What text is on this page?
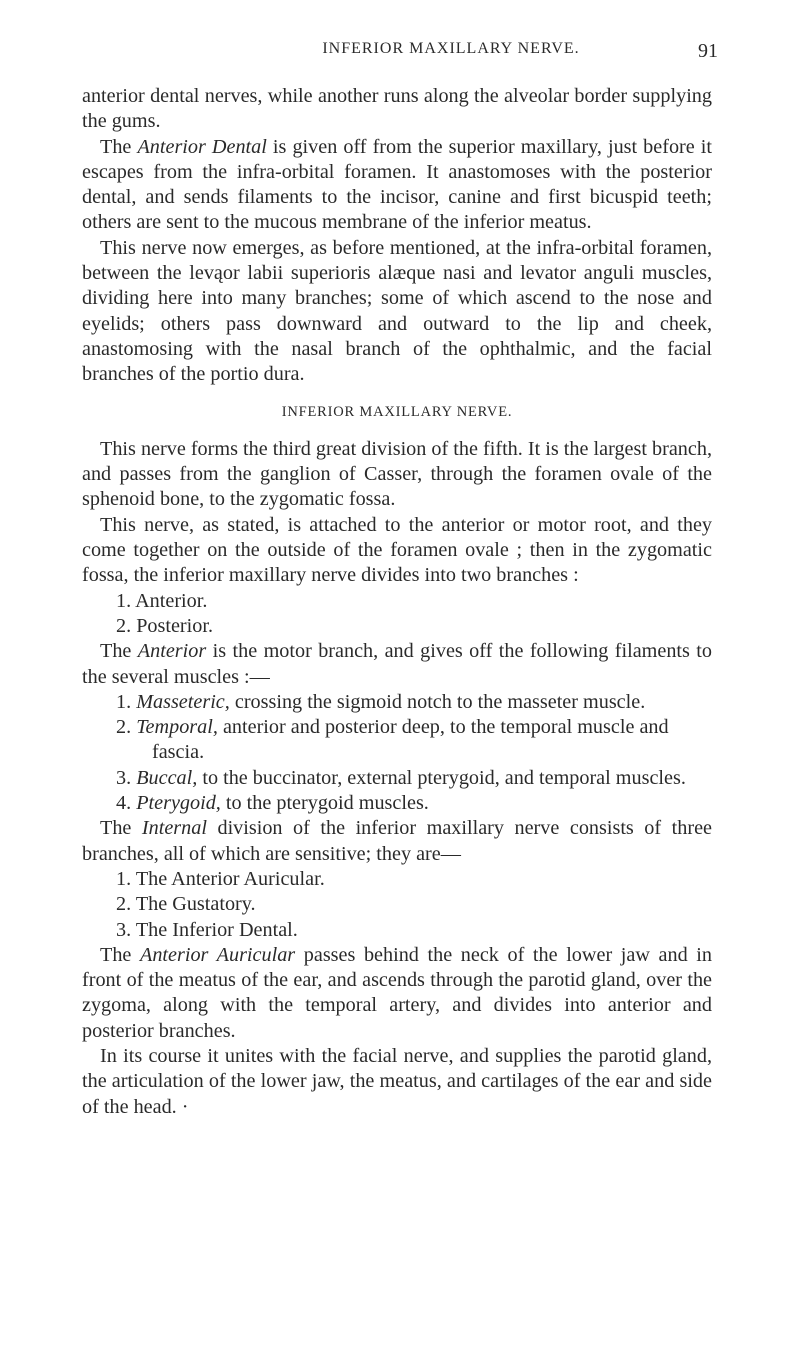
INFERIOR MAXILLARY NERVE.	91

anterior dental nerves, while another runs along the alveolar border supplying the gums.

The Anterior Dental is given off from the superior maxillary, just before it escapes from the infra-orbital foramen. It anastomoses with the posterior dental, and sends filaments to the incisor, canine and first bicuspid teeth; others are sent to the mucous membrane of the inferior meatus.

This nerve now emerges, as before mentioned, at the infra-orbital foramen, between the levąor labii superioris alæque nasi and levator anguli muscles, dividing here into many branches; some of which ascend to the nose and eyelids; others pass downward and outward to the lip and cheek, anastomosing with the nasal branch of the ophthalmic, and the facial branches of the portio dura.

INFERIOR MAXILLARY NERVE.

This nerve forms the third great division of the fifth. It is the largest branch, and passes from the ganglion of Casser, through the foramen ovale of the sphenoid bone, to the zygomatic fossa.

This nerve, as stated, is attached to the anterior or motor root, and they come together on the outside of the foramen ovale ; then in the zygomatic fossa, the inferior maxillary nerve divides into two branches :

1. Anterior.

2. Posterior.

The Anterior is the motor branch, and gives off the following filaments to the several muscles :—

1. Masseteric, crossing the sigmoid notch to the masseter muscle.

2. Temporal, anterior and posterior deep, to the temporal muscle and fascia.

3. Buccal, to the buccinator, external pterygoid, and temporal muscles.

4. Pterygoid, to the pterygoid muscles.

The Internal division of the inferior maxillary nerve consists of three branches, all of which are sensitive; they are—

1. The Anterior Auricular.

2. The Gustatory.

3. The Inferior Dental.

The Anterior Auricular passes behind the neck of the lower jaw and in front of the meatus of the ear, and ascends through the parotid gland, over the zygoma, along with the temporal artery, and divides into anterior and posterior branches.

In its course it unites with the facial nerve, and supplies the parotid gland, the articulation of the lower jaw, the meatus, and cartilages of the ear and side of the head. ·
